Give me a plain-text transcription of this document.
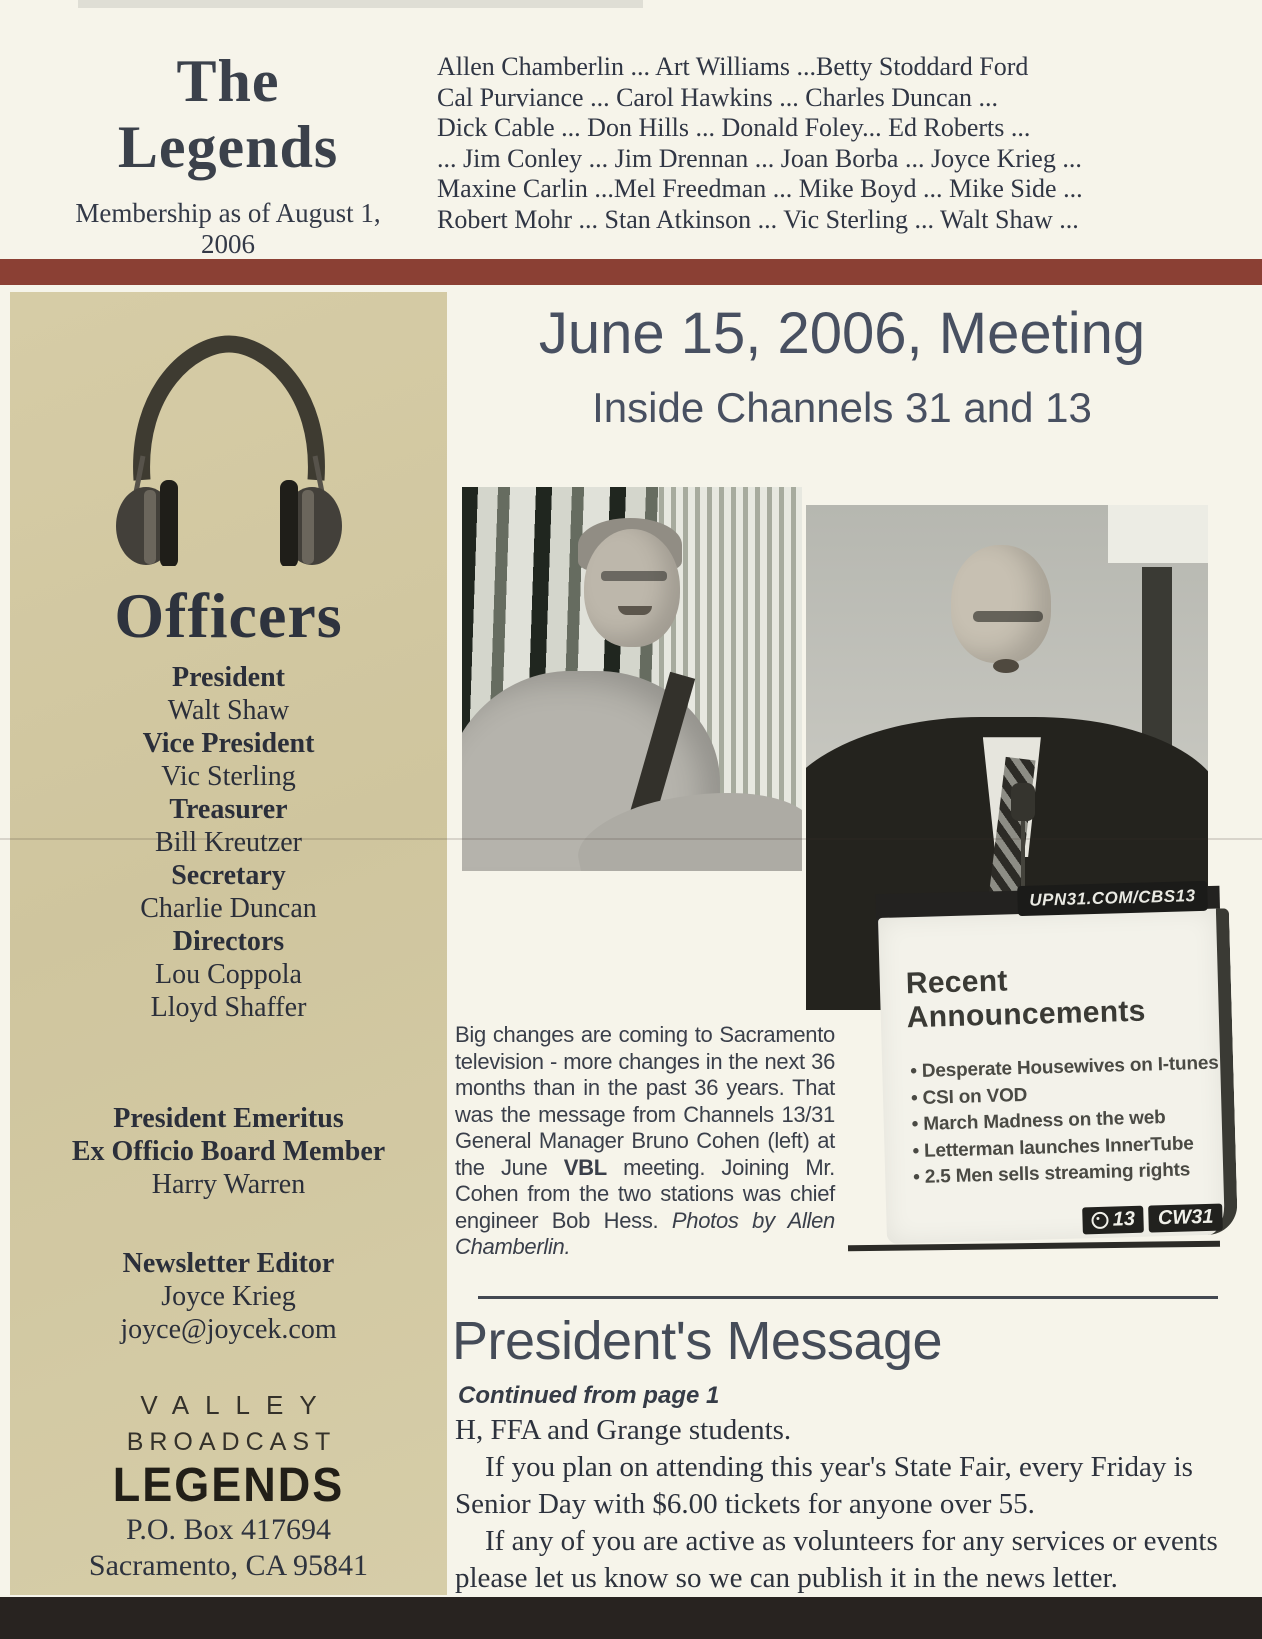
The
Legends
Membership as of August 1, 2006
Allen Chamberlin ... Art Williams ...Betty Stoddard Ford
Cal Purviance ... Carol Hawkins ... Charles Duncan ...
Dick Cable ... Don Hills ... Donald Foley... Ed Roberts ...
... Jim Conley ... Jim Drennan ... Joan Borba ... Joyce Krieg ...
Maxine Carlin ...Mel Freedman ... Mike Boyd ... Mike Side ...
Robert Mohr ... Stan Atkinson ... Vic Sterling ... Walt Shaw ...
Officers
President
Walt Shaw
Vice President
Vic Sterling
Treasurer
Bill Kreutzer
Secretary
Charlie Duncan
Directors
Lou Coppola
Lloyd Shaffer
President Emeritus
Ex Officio Board Member
Harry Warren
Newsletter Editor
Joyce Krieg
joyce@joycek.com
VALLEY
BROADCAST
LEGENDS
P.O. Box 417694
Sacramento, CA 95841
June 15, 2006, Meeting
Inside Channels 31 and 13
UPN31.COM/CBS13
Recent Announcements
• Desperate Housewives on I-tunes
• CSI on VOD
• March Madness on the web
• Letterman launches InnerTube
• 2.5 Men sells streaming rights
13 CW31

Big changes are coming to Sacramento television - more changes in the next 36 months than in the past 36 years. That was the message from Channels 13/31 General Manager Bruno Cohen (left) at the June VBL meeting. Joining Mr. Cohen from the two stations was chief engineer Bob Hess. Photos by Allen Chamberlin.

President's Message
Continued from page 1

H, FFA and Grange students.

If you plan on attending this year's State Fair, every Friday is Senior Day with $6.00 tickets for anyone over 55.

If any of you are active as volunteers for any services or events please let us know so we can publish it in the news letter.
